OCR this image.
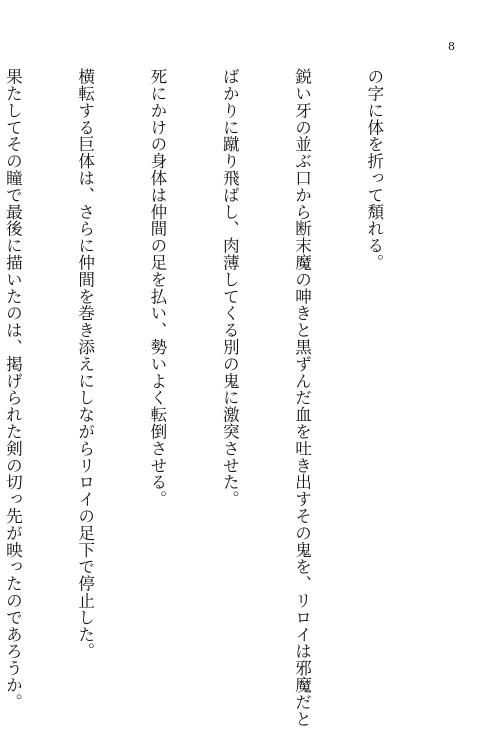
8

の字に体を折って頽れる。

鋭い牙の並ぶ口から断末魔の呻きと黒ずんだ血を吐き出すその鬼を、リロイは邪魔だと

ばかりに蹴り飛ばし、肉薄してくる別の鬼に激突させた。

死にかけの身体は仲間の足を払い、勢いよく転倒させる。

横転する巨体は、さらに仲間を巻き添えにしながらリロイの足下で停止した。

果たしてその瞳で最後に描いたのは、掲げられた剣の切っ先が映ったのであろうか。
